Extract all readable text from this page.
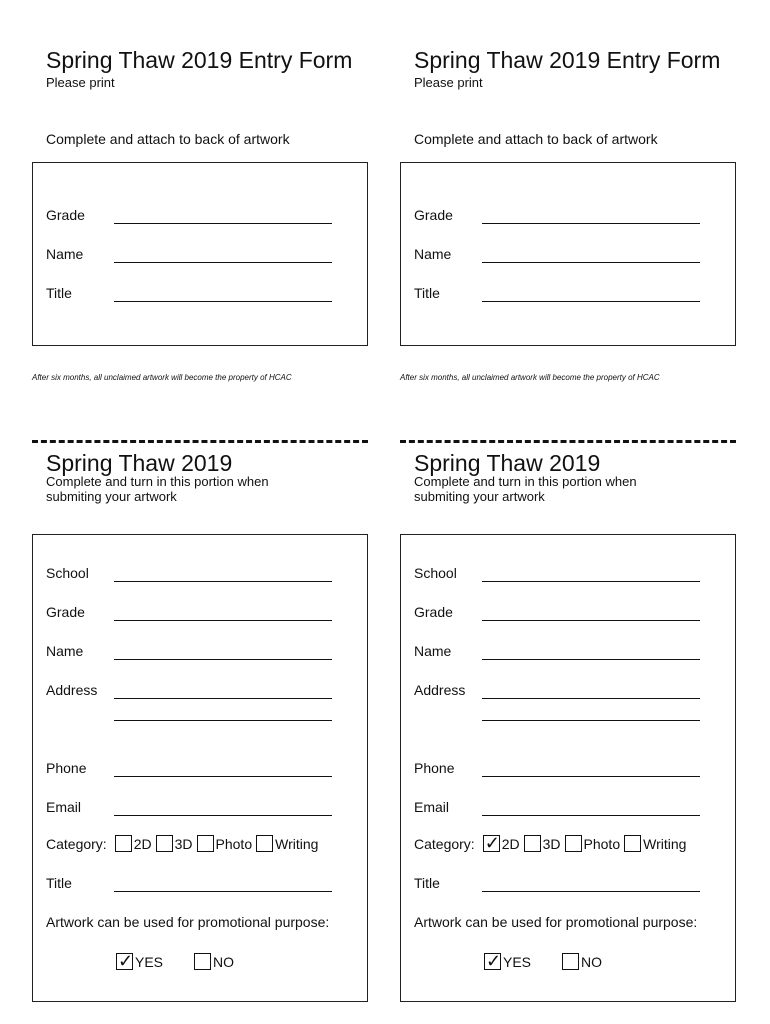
Spring Thaw 2019 Entry Form
Please print
Complete and attach to back of artwork
Grade
Name
Title
After six months, all unclaimed artwork will become the property of HCAC
Spring Thaw 2019
Complete and turn in this portion when
submiting your artwork
School
Grade
Name
Address
Phone
Email
Category: 2D 3D Photo Writing
Title
Artwork can be used for promotional purpose:
✓ YES	NO
Spring Thaw 2019 Entry Form
Please print
Complete and attach to back of artwork
Grade
Name
Title
After six months, all unclaimed artwork will become the property of HCAC
Spring Thaw 2019
Complete and turn in this portion when
submiting your artwork
School
Grade
Name
Address
Phone
Email
Category: ✓ 2D 3D Photo Writing
Title
Artwork can be used for promotional purpose:
✓ YES	NO
